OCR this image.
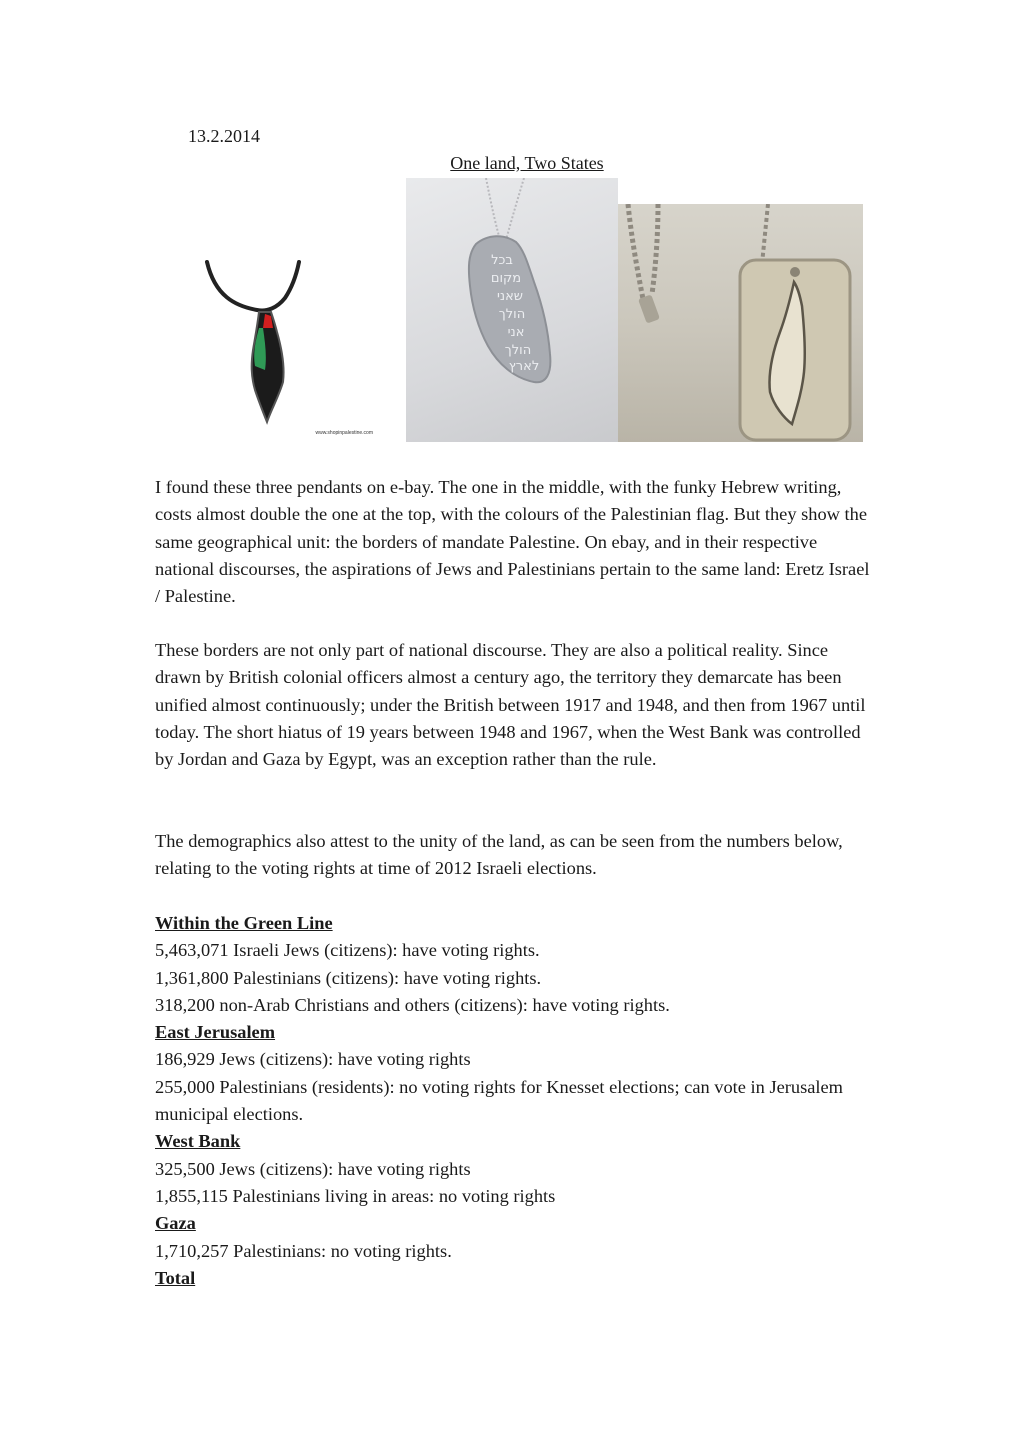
13.2.2014
One land, Two States
www.shopinpalestine.com
בכל
מקום
שאני
הולך
אני
הולך
לארץ
I found these three pendants on e-bay. The one in the middle, with the funky Hebrew writing, costs almost double the one at the top, with the colours of the Palestinian flag. But they show the same geographical unit: the borders of mandate Palestine. On ebay, and in their respective national discourses, the aspirations of Jews and Palestinians pertain to the same land: Eretz Israel / Palestine.
These borders are not only part of national discourse. They are also a political reality. Since drawn by British colonial officers almost a century ago, the territory they demarcate has been unified almost continuously; under the British between 1917 and 1948, and then from 1967 until today. The short hiatus of 19 years between 1948 and 1967, when the West Bank was controlled by Jordan and Gaza by Egypt, was an exception rather than the rule.
The demographics also attest to the unity of the land, as can be seen from the numbers below, relating to the voting rights at time of 2012 Israeli elections.
Within the Green Line
5,463,071 Israeli Jews (citizens): have voting rights.
1,361,800 Palestinians (citizens): have voting rights.
318,200 non-Arab Christians and others (citizens): have voting rights.
East Jerusalem
186,929 Jews (citizens): have voting rights
255,000 Palestinians (residents): no voting rights for Knesset elections; can vote in Jerusalem municipal elections.
West Bank
325,500 Jews (citizens): have voting rights
1,855,115 Palestinians living in areas: no voting rights
Gaza
1,710,257 Palestinians: no voting rights.
Total
